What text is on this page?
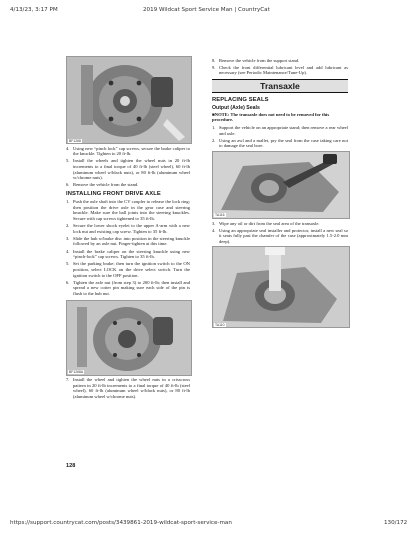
4/13/23, 3:17 PM	2019 Wildcat Sport Service Man | CountryCat
BF1268
4. Using new “pinch lock” cap screws, secure the brake caliper to the knuckle. Tighten to 20 ft-lb.
5. Install the wheels and tighten the wheel nuts in 20 ft-lb increments to a final torque of 40 ft-lb (steel wheel), 60 ft-lb (aluminum wheel w/black nuts), or 80 ft-lb (aluminum wheel w/chrome nuts).
6. Remove the vehicle from the stand.
INSTALLING FRONT DRIVE AXLE
1. Push the axle shaft into the CV coupler to release the lock ring; then position the drive axle in the gear case and steering knuckle. Make sure the ball joints into the steering knuckles. Secure with cap screws tightened to 35 ft-lb.
2. Secure the lower shock eyelet to the upper A-arm with a new lock nut and existing cap screw. Tighten to 35 ft-lb.
3. Slide the hub w/brake disc into position in the steering knuckle followed by an axle nut. Finger-tighten at this time.
4. Install the brake caliper on the steering knuckle using new “pinch-lock” cap screws. Tighten to 35 ft-lb.
5. Set the parking brake; then turn the ignition switch to the ON position, select LOCK on the drive select switch. Turn the ignition switch to the OFF position.
6. Tighten the axle nut (from step 3) to 200 ft-lb; then install and spread a new cotter pin making sure each side of the pin is flush to the hub nut.
BF1268A
7. Install the wheel and tighten the wheel nuts in a crisscross pattern in 20 ft-lb increments to a final torque of 40 ft-lb (steel wheel), 60 ft-lb (aluminum wheel w/black nuts), or 80 ft-lb (aluminum wheel w/chrome nuts).
128
8. Remove the vehicle from the support stand.
9. Check the front differential lubricant level and add lubricant as necessary (see Periodic Maintenance/Tune-Up).
Transaxle
REPLACING SEALS
Output (Axle) Seals
■NOTE: The transaxle does not need to be removed for this procedure.
1. Support the vehicle on an appropriate stand; then remove a rear wheel and axle.
2. Using an awl and a mallet, pry the seal from the case taking care not to damage the seal bore.
TA116
3. Wipe any oil or dirt from the seal area of the transaxle.
4. Using an appropriate seal installer and protector, install a new seal so it seats fully past the chamfer of the case (approximately 1.5-2.0 mm deep).
TA110
https://support.countrycat.com/posts/3439861-2019-wildcat-sport-service-man	130/172
